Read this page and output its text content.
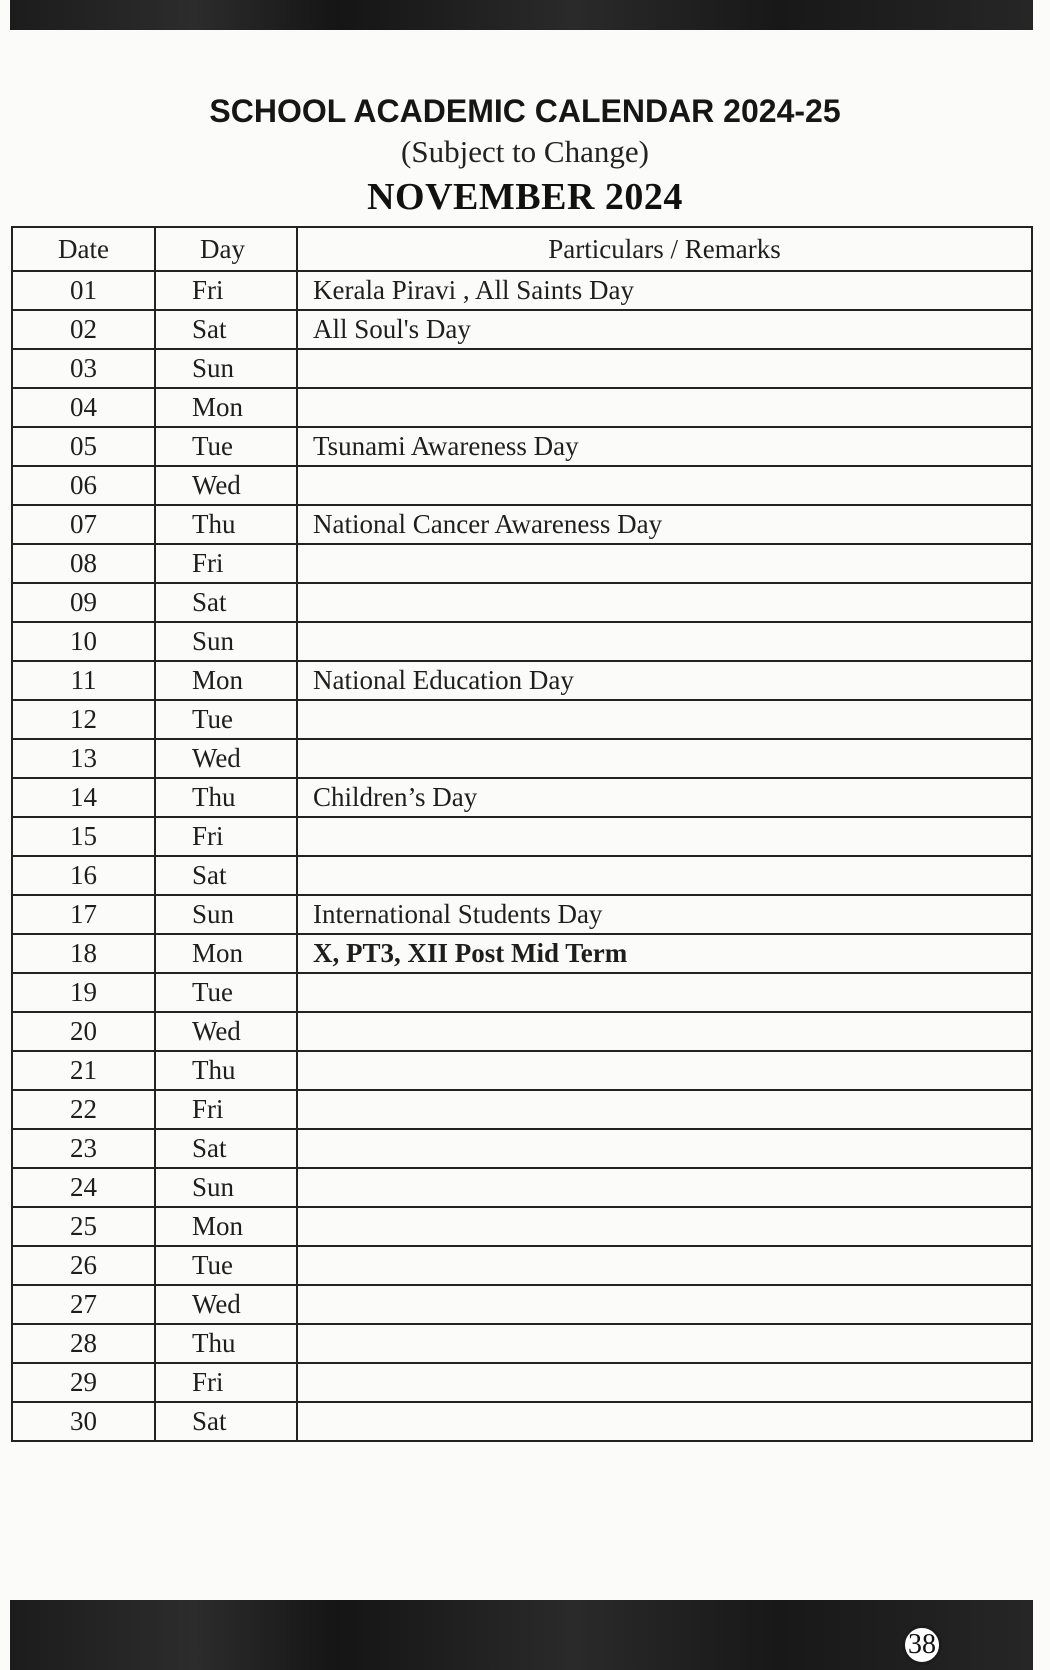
SCHOOL ACADEMIC CALENDAR 2024-25
(Subject to Change)
NOVEMBER 2024
Date	Day	Particulars / Remarks
01	Fri	Kerala Piravi , All Saints Day
02	Sat	All Soul's Day
03	Sun	
04	Mon	
05	Tue	Tsunami Awareness Day
06	Wed	
07	Thu	National Cancer Awareness Day
08	Fri	
09	Sat	
10	Sun	
11	Mon	National Education Day
12	Tue	
13	Wed	
14	Thu	Children’s Day
15	Fri	
16	Sat	
17	Sun	International Students Day
18	Mon	X, PT3, XII Post Mid Term
19	Tue	
20	Wed	
21	Thu	
22	Fri	
23	Sat	
24	Sun	
25	Mon	
26	Tue	
27	Wed	
28	Thu	
29	Fri	
30	Sat	
38
